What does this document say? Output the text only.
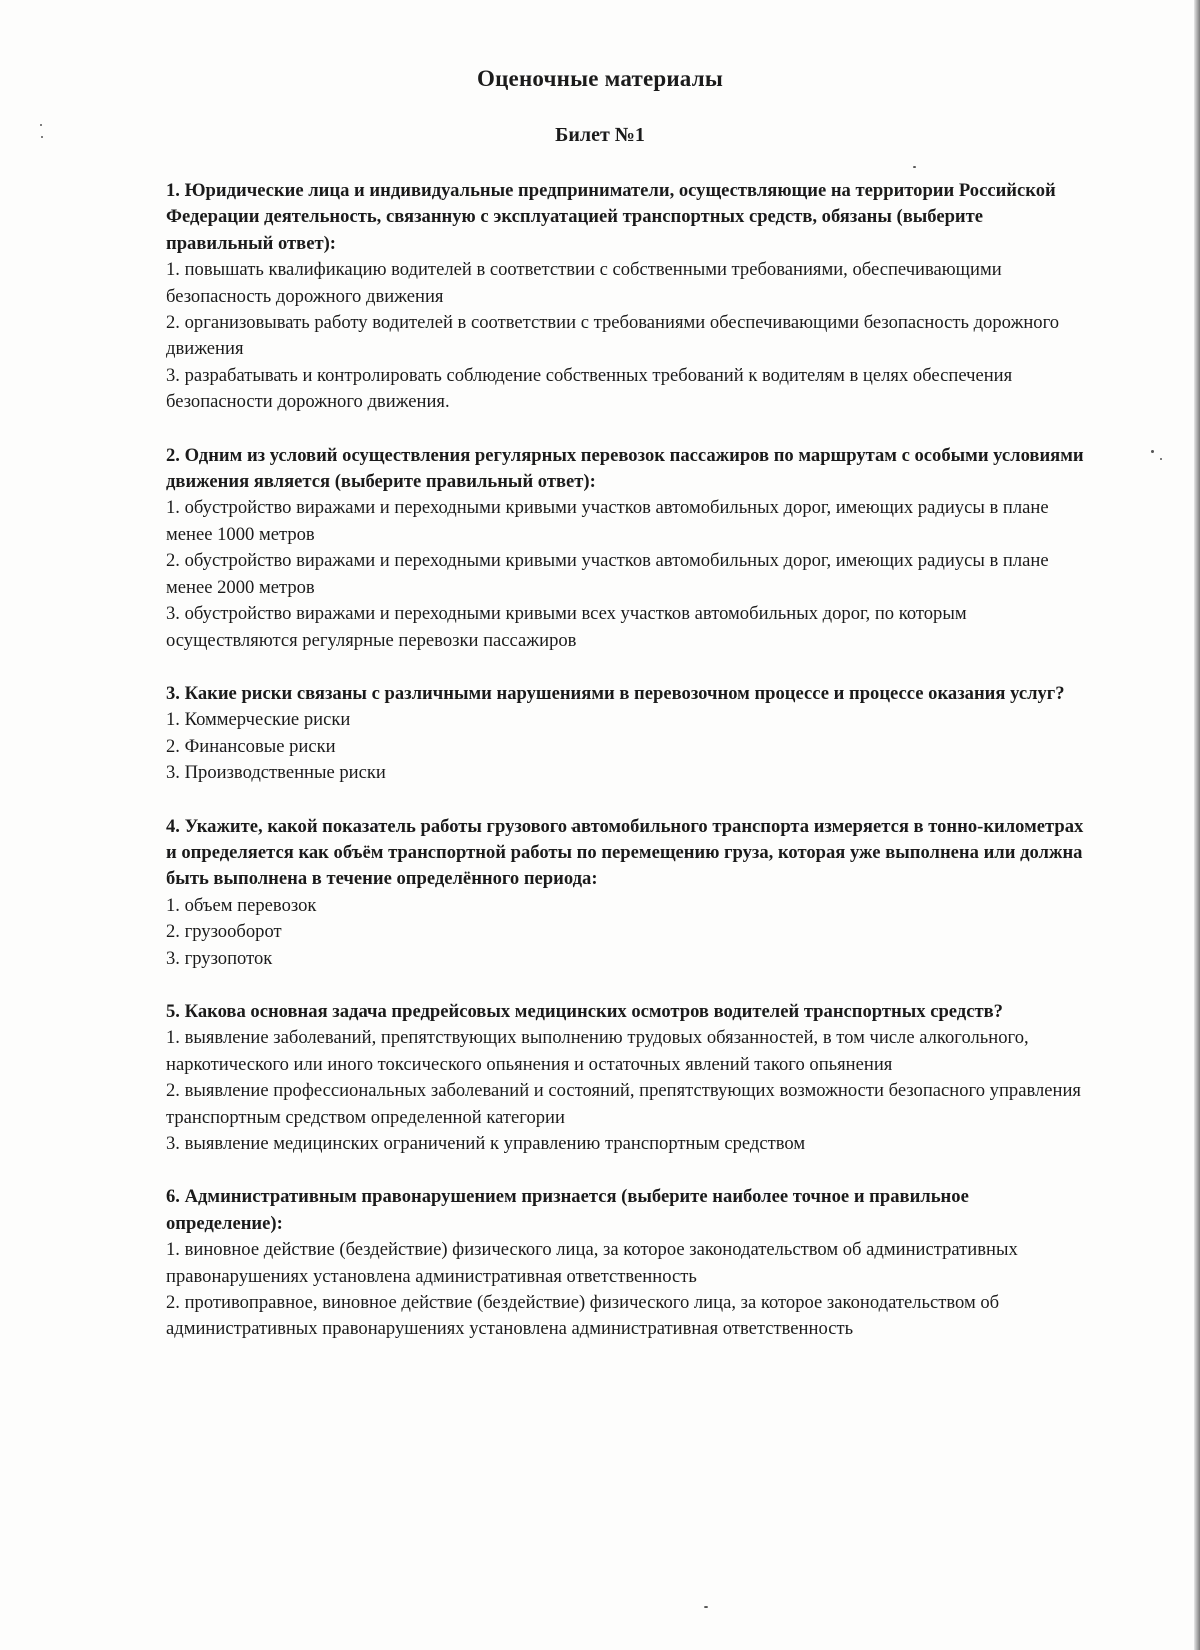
Оценочные материалы
Билет №1

1. Юридические лица и индивидуальные предприниматели, осуществляющие на территории Российской Федерации деятельность, связанную с эксплуатацией транспортных средств, обязаны (выберите правильный ответ):

1. повышать квалификацию водителей в соответствии с собственными требованиями, обеспечивающими безопасность дорожного движения

2. организовывать работу водителей в соответствии с требованиями обеспечивающими безопасность дорожного движения

3. разрабатывать и контролировать соблюдение собственных требований к водителям в целях обеспечения безопасности дорожного движения.

2. Одним из условий осуществления регулярных перевозок пассажиров по маршрутам с особыми условиями движения является (выберите правильный ответ):

1. обустройство виражами и переходными кривыми участков автомобильных дорог, имеющих радиусы в плане менее 1000 метров

2. обустройство виражами и переходными кривыми участков автомобильных дорог, имеющих радиусы в плане менее 2000 метров

3. обустройство виражами и переходными кривыми всех участков автомобильных дорог, по которым осуществляются регулярные перевозки пассажиров

3. Какие риски связаны с различными нарушениями в перевозочном процессе и процессе оказания услуг?

1. Коммерческие риски

2. Финансовые риски

3. Производственные риски

4. Укажите, какой показатель работы грузового автомобильного транспорта измеряется в тонно-километрах и определяется как объём транспортной работы по перемещению груза, которая уже выполнена или должна быть выполнена в течение определённого периода:

1. объем перевозок

2. грузооборот

3. грузопоток

5. Какова основная задача предрейсовых медицинских осмотров водителей транспортных средств?

1. выявление заболеваний, препятствующих выполнению трудовых обязанностей, в том числе алкогольного, наркотического или иного токсического опьянения и остаточных явлений такого опьянения

2. выявление профессиональных заболеваний и состояний, препятствующих возможности безопасного управления транспортным средством определенной категории

3. выявление медицинских ограничений к управлению транспортным средством

6. Административным правонарушением признается (выберите наиболее точное и правильное определение):

1. виновное действие (бездействие) физического лица, за которое законодательством об административных правонарушениях установлена административная ответственность

2. противоправное, виновное действие (бездействие) физического лица, за которое законодательством об административных правонарушениях установлена административная ответственность
